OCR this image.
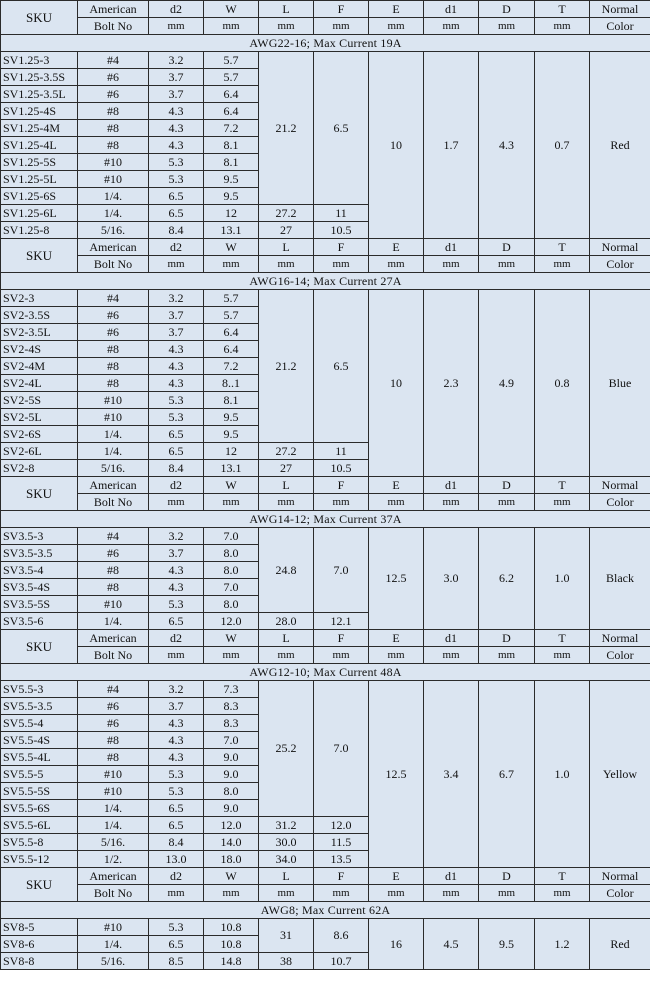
SKU	American	d2	W	L	F	E	d1	D	T	Normal
	Bolt No	mm	mm	mm	mm	mm	mm	mm	mm	Color
AWG22-16; Max Current 19A										
SV1.25-3	#4	3.2	5.7	21.2	6.5	10	1.7	4.3	0.7	Red
SV1.25-3.5S	#6	3.7	5.7							
SV1.25-3.5L	#6	3.7	6.4							
SV1.25-4S	#8	4.3	6.4							
SV1.25-4M	#8	4.3	7.2							
SV1.25-4L	#8	4.3	8.1							
SV1.25-5S	#10	5.3	8.1							
SV1.25-5L	#10	5.3	9.5							
SV1.25-6S	1/4.	6.5	9.5							
SV1.25-6L	1/4.	6.5	12	27.2	11					
SV1.25-8	5/16.	8.4	13.1	27	10.5					
SKU	American	d2	W	L	F	E	d1	D	T	Normal
	Bolt No	mm	mm	mm	mm	mm	mm	mm	mm	Color
AWG16-14; Max Current 27A										
SV2-3	#4	3.2	5.7	21.2	6.5	10	2.3	4.9	0.8	Blue
SV2-3.5S	#6	3.7	5.7							
SV2-3.5L	#6	3.7	6.4							
SV2-4S	#8	4.3	6.4							
SV2-4M	#8	4.3	7.2							
SV2-4L	#8	4.3	8..1							
SV2-5S	#10	5.3	8.1							
SV2-5L	#10	5.3	9.5							
SV2-6S	1/4.	6.5	9.5							
SV2-6L	1/4.	6.5	12	27.2	11					
SV2-8	5/16.	8.4	13.1	27	10.5					
SKU	American	d2	W	L	F	E	d1	D	T	Normal
	Bolt No	mm	mm	mm	mm	mm	mm	mm	mm	Color
AWG14-12; Max Current 37A										
SV3.5-3	#4	3.2	7.0	24.8	7.0	12.5	3.0	6.2	1.0	Black
SV3.5-3.5	#6	3.7	8.0							
SV3.5-4	#8	4.3	8.0							
SV3.5-4S	#8	4.3	7.0							
SV3.5-5S	#10	5.3	8.0							
SV3.5-6	1/4.	6.5	12.0	28.0	12.1					
SKU	American	d2	W	L	F	E	d1	D	T	Normal
	Bolt No	mm	mm	mm	mm	mm	mm	mm	mm	Color
AWG12-10; Max Current 48A										
SV5.5-3	#4	3.2	7.3	25.2	7.0	12.5	3.4	6.7	1.0	Yellow
SV5.5-3.5	#6	3.7	8.3							
SV5.5-4	#6	4.3	8.3							
SV5.5-4S	#8	4.3	7.0							
SV5.5-4L	#8	4.3	9.0							
SV5.5-5	#10	5.3	9.0							
SV5.5-5S	#10	5.3	8.0							
SV5.5-6S	1/4.	6.5	9.0							
SV5.5-6L	1/4.	6.5	12.0	31.2	12.0					
SV5.5-8	5/16.	8.4	14.0	30.0	11.5					
SV5.5-12	1/2.	13.0	18.0	34.0	13.5					
SKU	American	d2	W	L	F	E	d1	D	T	Normal
	Bolt No	mm	mm	mm	mm	mm	mm	mm	mm	Color
AWG8; Max Current 62A										
SV8-5	#10	5.3	10.8	31	8.6	16	4.5	9.5	1.2	Red
SV8-6	1/4.	6.5	10.8							
SV8-8	5/16.	8.5	14.8	38	10.7					
